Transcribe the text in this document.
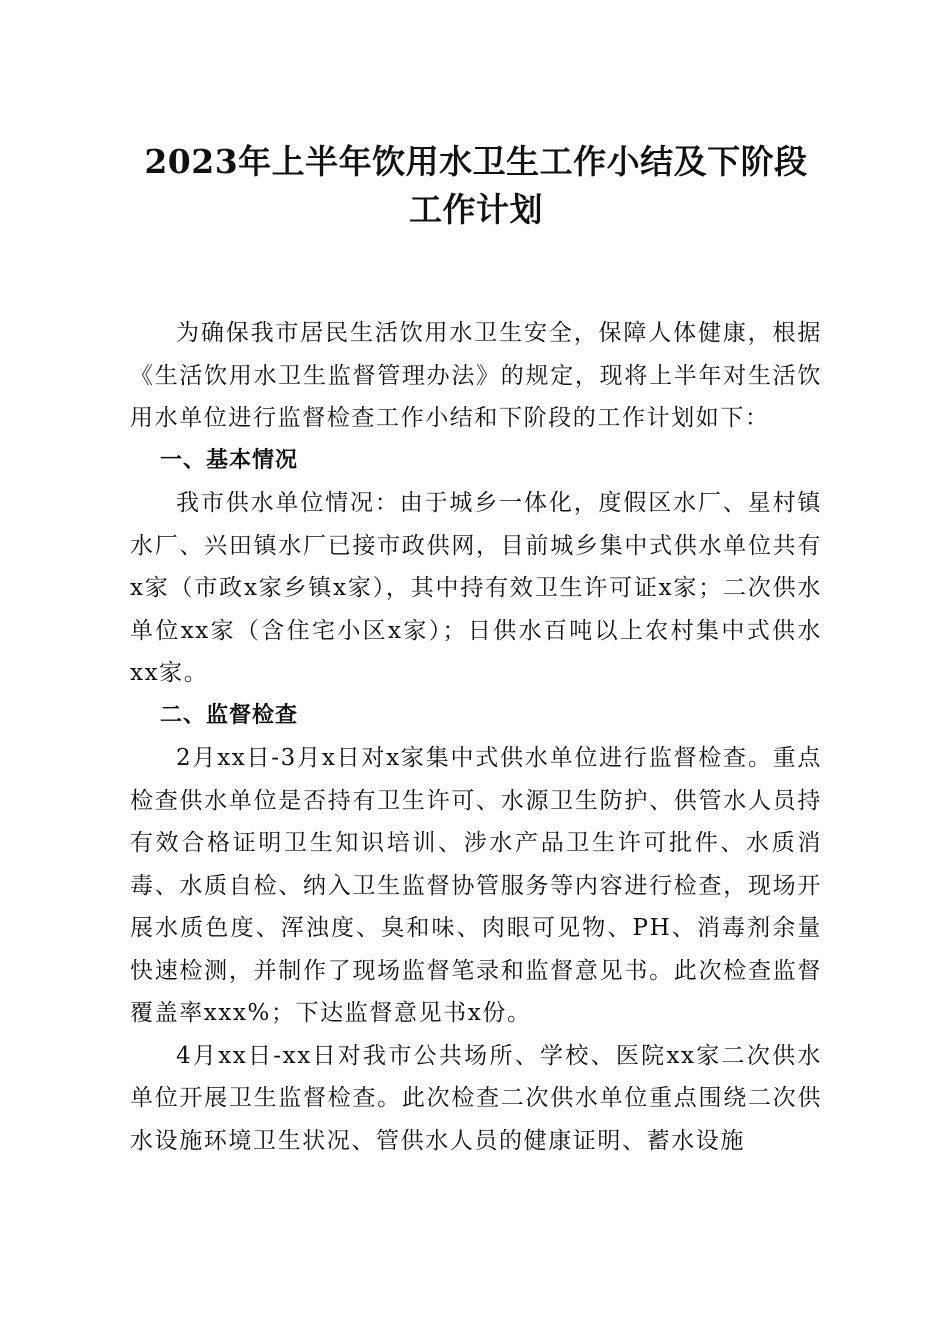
2023年上半年饮用水卫生工作小结及下阶段
工作计划

为确保我市居民生活饮用水卫生安全，保障人体健康，根据《生活饮用水卫生监督管理办法》的规定，现将上半年对生活饮用水单位进行监督检查工作小结和下阶段的工作计划如下：

一、基本情况

我市供水单位情况：由于城乡一体化，度假区水厂、星村镇水厂、兴田镇水厂已接市政供网，目前城乡集中式供水单位共有x家（市政x家乡镇x家），其中持有效卫生许可证x家；二次供水单位xx家（含住宅小区x家）；日供水百吨以上农村集中式供水xx家。

二、监督检查

2月xx日-3月x日对x家集中式供水单位进行监督检查。重点检查供水单位是否持有卫生许可、水源卫生防护、供管水人员持有效合格证明卫生知识培训、涉水产品卫生许可批件、水质消毒、水质自检、纳入卫生监督协管服务等内容进行检查，现场开展水质色度、浑浊度、臭和味、肉眼可见物、PH、消毒剂余量快速检测，并制作了现场监督笔录和监督意见书。此次检查监督覆盖率xxx%；下达监督意见书x份。

4月xx日-xx日对我市公共场所、学校、医院xx家二次供水单位开展卫生监督检查。此次检查二次供水单位重点围绕二次供水设施环境卫生状况、管供水人员的健康证明、蓄水设施
